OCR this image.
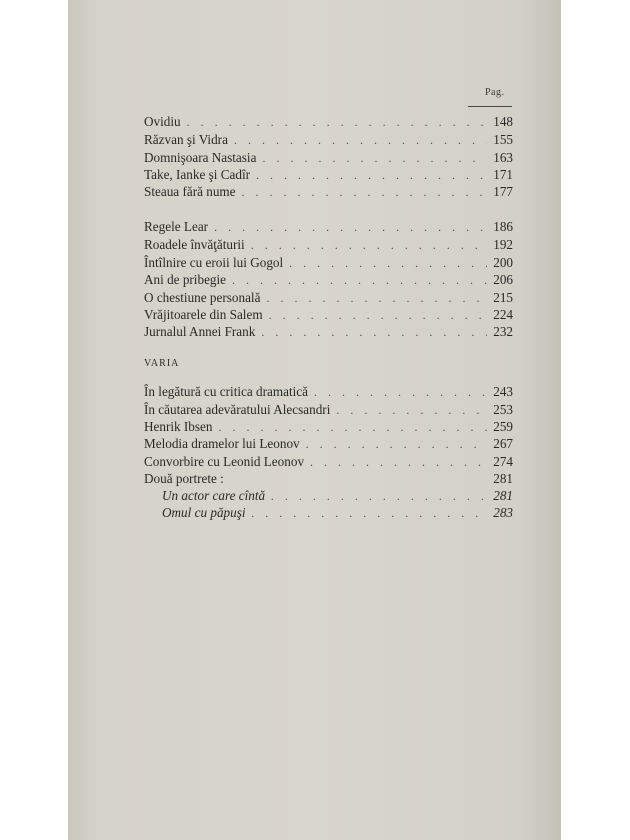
Pag.
Ovidiu . . .	148
Răzvan şi Vidra . . .	155
Domnişoara Nastasia . . .	163
Take, Ianke şi Cadîr . . .	171
Steaua fără nume . . .	177
Regele Lear . . .	186
Roadele învăţăturii . . .	192
Întîlnire cu eroii lui Gogol . . .	200
Ani de pribegie . . .	206
O chestiune personală . . .	215
Vrăjitoarele din Salem . . .	224
Jurnalul Annei Frank . . .	232
VARIA
În legătură cu critica dramatică . . .	243
În căutarea adevăratului Alecsandri . . .	253
Henrik Ibsen . . .	259
Melodia dramelor lui Leonov . . .	267
Convorbire cu Leonid Leonov . . .	274
Două portrete :	281
Un actor care cîntă . . .	281
Omul cu păpuşi . . .	283
